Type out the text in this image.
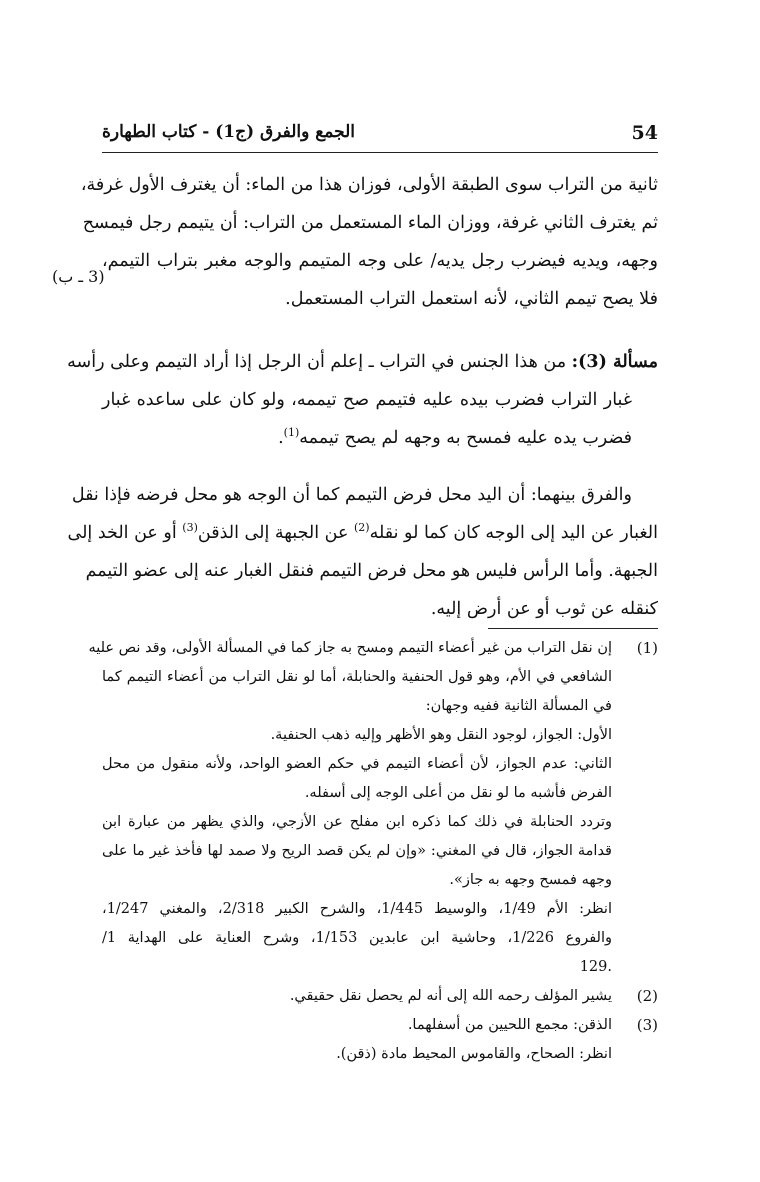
54
الجمع والفرق (ج1) - كتاب الطهارة
(3 ـ ب)
ثانية من التراب سوى الطبقة الأولى، فوزان هذا من الماء: أن يغترف الأول غرفة،
ثم يغترف الثاني غرفة، ووزان الماء المستعمل من التراب: أن يتيمم رجل فيمسح
وجهه، ويديه فيضرب رجل يديه/ على وجه المتيمم والوجه مغبر بتراب التيمم،
فلا يصح تيمم الثاني، لأنه استعمل التراب المستعمل.
مسألة (3): من هذا الجنس في التراب ـ إعلم أن الرجل إذا أراد التيمم وعلى رأسه
غبار التراب فضرب بيده عليه فتيمم صح تيممه، ولو كان على ساعده غبار
فضرب يده عليه فمسح به وجهه لم يصح تيممه$^{(1)}$.
والفرق بينهما: أن اليد محل فرض التيمم كما أن الوجه هو محل فرضه فإذا نقل
الغبار عن اليد إلى الوجه كان كما لو نقله$^{(2)}$ عن الجبهة إلى الذقن$^{(3)}$ أو عن الخد إلى
الجبهة. وأما الرأس فليس هو محل فرض التيمم فنقل الغبار عنه إلى عضو التيمم
كنقله عن ثوب أو عن أرض إليه.
(1)
إن نقل التراب من غير أعضاء التيمم ومسح به جاز كما في المسألة الأولى، وقد نص عليه
الشافعي في الأم، وهو قول الحنفية والحنابلة، أما لو نقل التراب من أعضاء التيمم كما
في المسألة الثانية ففيه وجهان:
الأول: الجواز، لوجود النقل وهو الأظهر وإليه ذهب الحنفية.
الثاني: عدم الجواز، لأن أعضاء التيمم في حكم العضو الواحد، ولأنه منقول من محل
الفرض فأشبه ما لو نقل من أعلى الوجه إلى أسفله.
وتردد الحنابلة في ذلك كما ذكره ابن مفلح عن الأزجي، والذي يظهر من عبارة ابن
قدامة الجواز، قال في المغني: «وإن لم يكن قصد الريح ولا صمد لها فأخذ غير ما على
وجهه فمسح وجهه به جاز».
انظر: الأم 1/49، والوسيط 1/445، والشرح الكبير 2/318، والمغني 1/247،
والفروع 1/226، وحاشية ابن عابدين 1/153، وشرح العناية على الهداية 1/
.129
(2)
يشير المؤلف رحمه الله إلى أنه لم يحصل نقل حقيقي.
(3)
الذقن: مجمع اللحيين من أسفلهما.
انظر: الصحاح، والقاموس المحيط مادة (ذقن).
